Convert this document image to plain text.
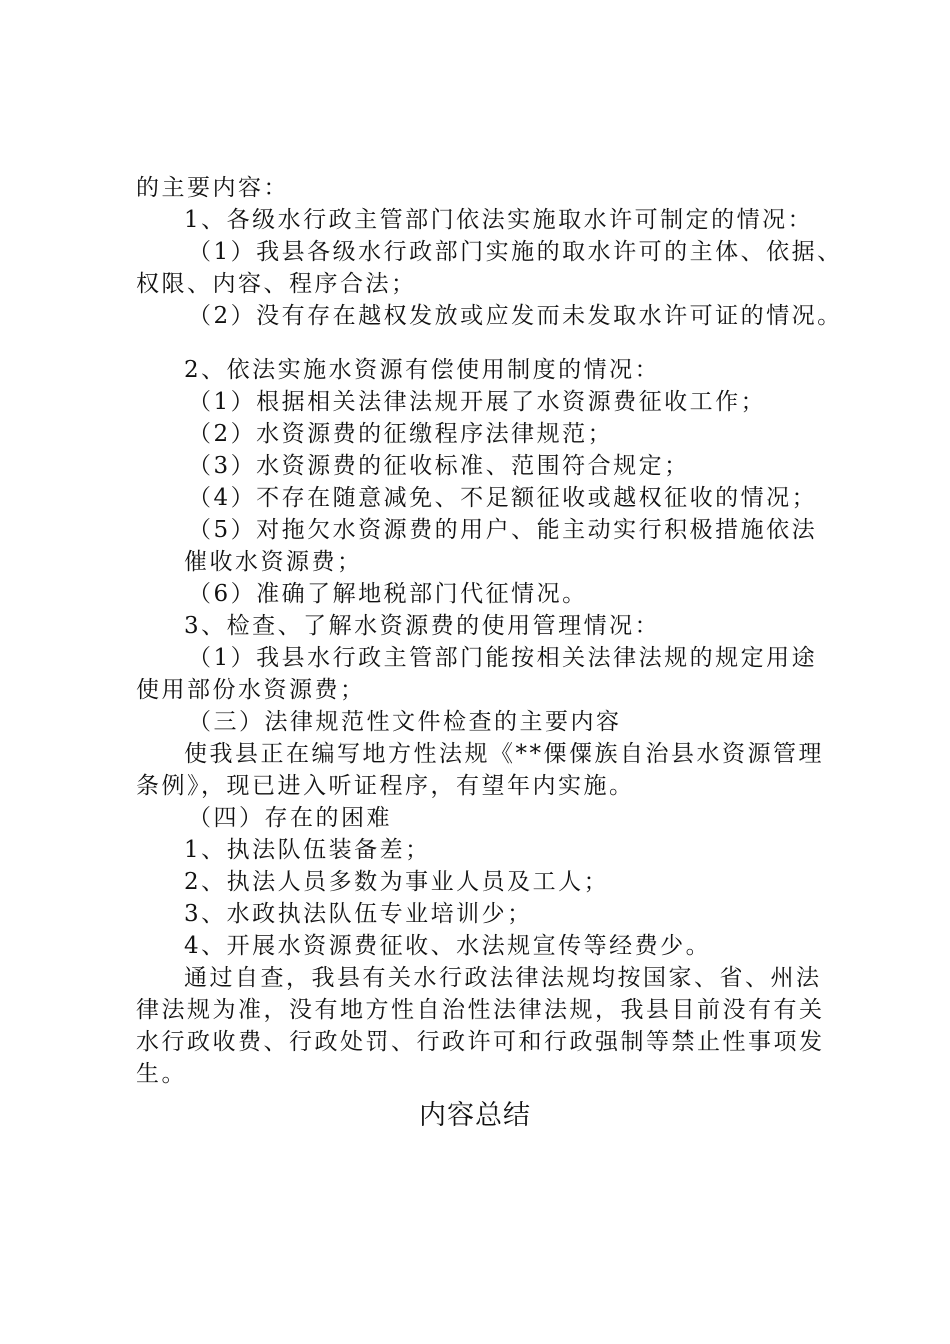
的主要内容：
1、各级水行政主管部门依法实施取水许可制定的情况：
（1）我县各级水行政部门实施的取水许可的主体、依据、
权限、内容、程序合法；
（2）没有存在越权发放或应发而未发取水许可证的情况。
2、依法实施水资源有偿使用制度的情况：
（1）根据相关法律法规开展了水资源费征收工作；
（2）水资源费的征缴程序法律规范；
（3）水资源费的征收标准、范围符合规定；
（4）不存在随意减免、不足额征收或越权征收的情况；
（5）对拖欠水资源费的用户、能主动实行积极措施依法
催收水资源费；
（6）准确了解地税部门代征情况。
3、检查、了解水资源费的使用管理情况：
（1）我县水行政主管部门能按相关法律法规的规定用途
使用部份水资源费；
（三）法律规范性文件检查的主要内容
使我县正在编写地方性法规《**傈僳族自治县水资源管理
条例》，现已进入听证程序，有望年内实施。
（四）存在的困难
1、执法队伍装备差；
2、执法人员多数为事业人员及工人；
3、水政执法队伍专业培训少；
4、开展水资源费征收、水法规宣传等经费少。
通过自查，我县有关水行政法律法规均按国家、省、州法
律法规为准，没有地方性自治性法律法规，我县目前没有有关
水行政收费、行政处罚、行政许可和行政强制等禁止性事项发
生。
内容总结
